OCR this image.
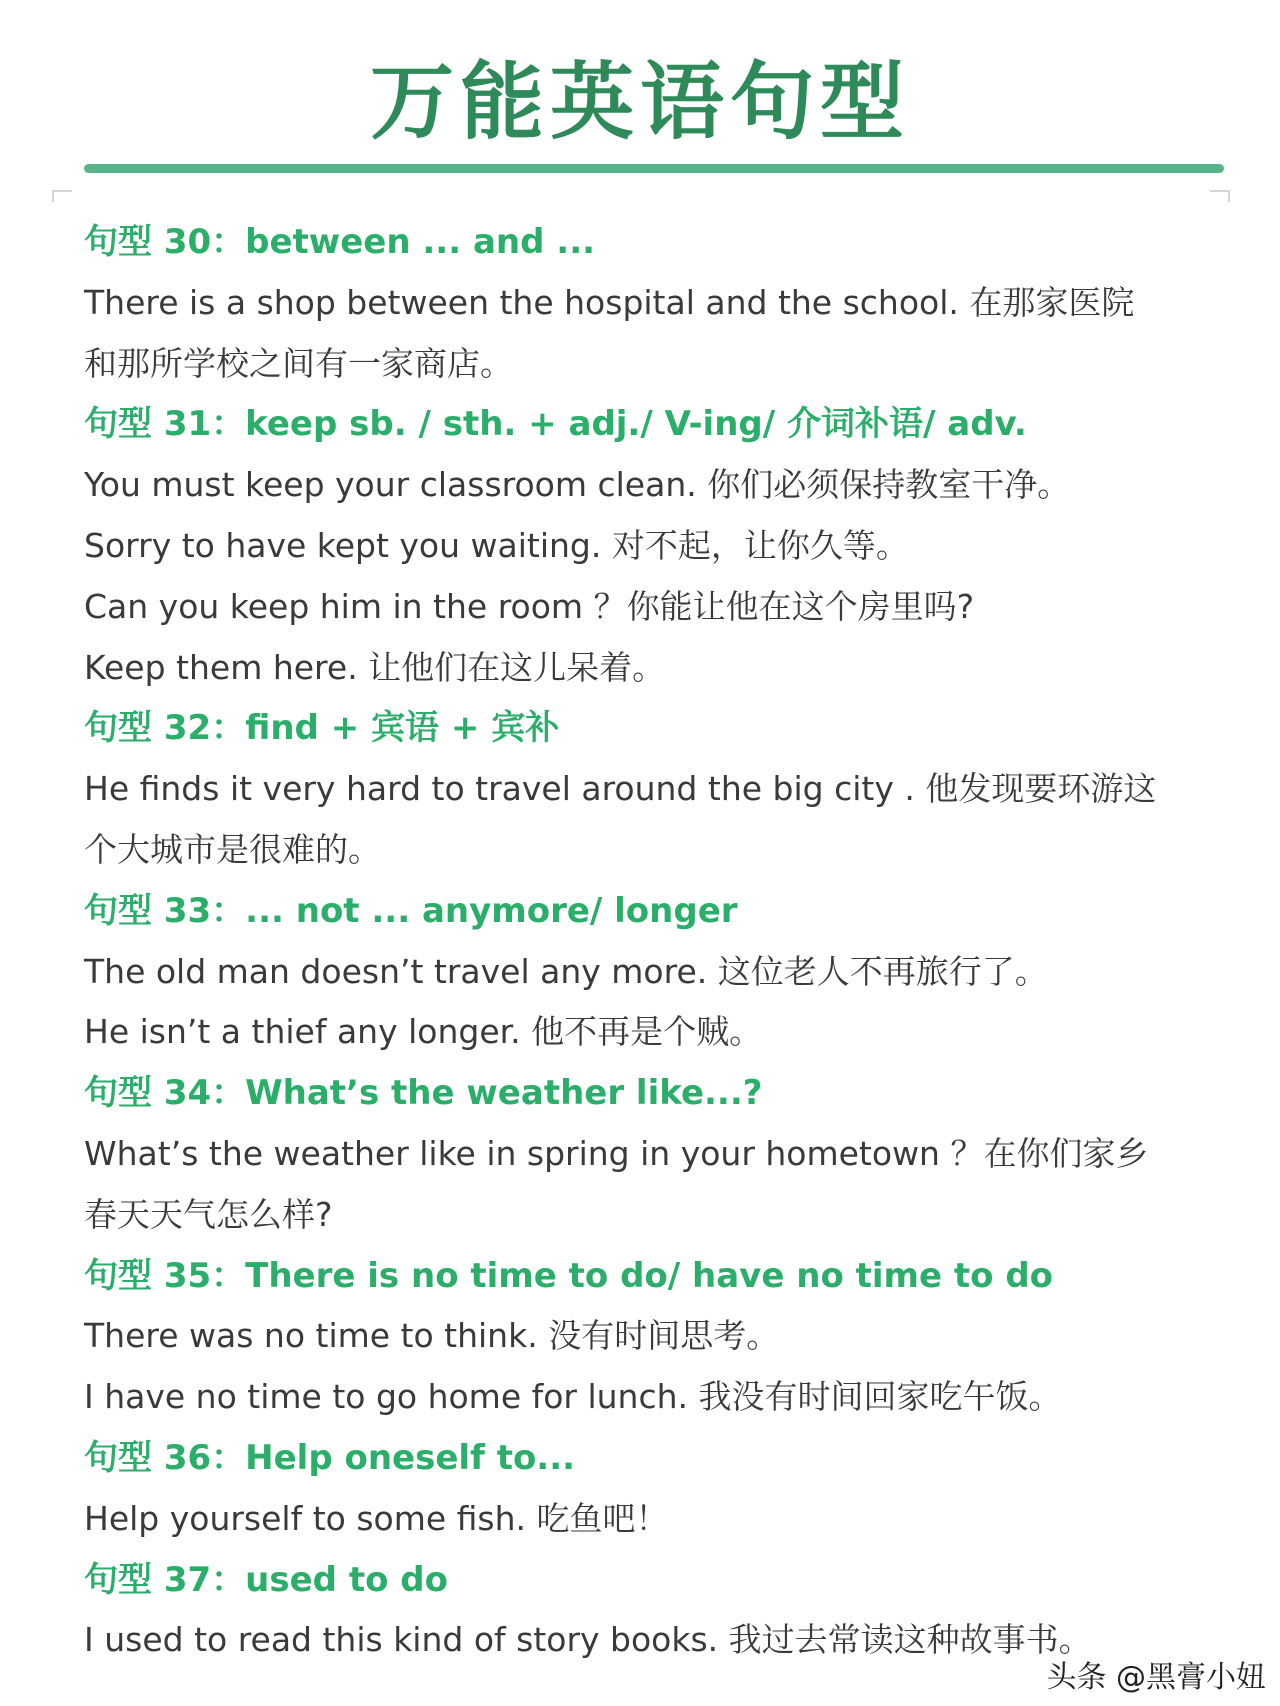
万能英语句型
句型 30：between ... and ...
There is a shop between the hospital and the school. 在那家医院
和那所学校之间有一家商店。
句型 31：keep sb. / sth. + adj./ V-ing/ 介词补语/ adv.
You must keep your classroom clean. 你们必须保持教室干净。
Sorry to have kept you waiting. 对不起，让你久等。
Can you keep him in the room ？你能让他在这个房里吗?
Keep them here. 让他们在这儿呆着。
句型 32：find + 宾语 + 宾补
He finds it very hard to travel around the big city . 他发现要环游这
个大城市是很难的。
句型 33：... not ... anymore/ longer
The old man doesn’t travel any more. 这位老人不再旅行了。
He isn’t a thief any longer. 他不再是个贼。
句型 34：What’s the weather like...?
What’s the weather like in spring in your hometown ？在你们家乡
春天天气怎么样?
句型 35：There is no time to do/ have no time to do
There was no time to think. 没有时间思考。
I have no time to go home for lunch. 我没有时间回家吃午饭。
句型 36：Help oneself to...
Help yourself to some fish. 吃鱼吧！
句型 37：used to do
I used to read this kind of story books. 我过去常读这种故事书。
头条 @黑膏小妞
